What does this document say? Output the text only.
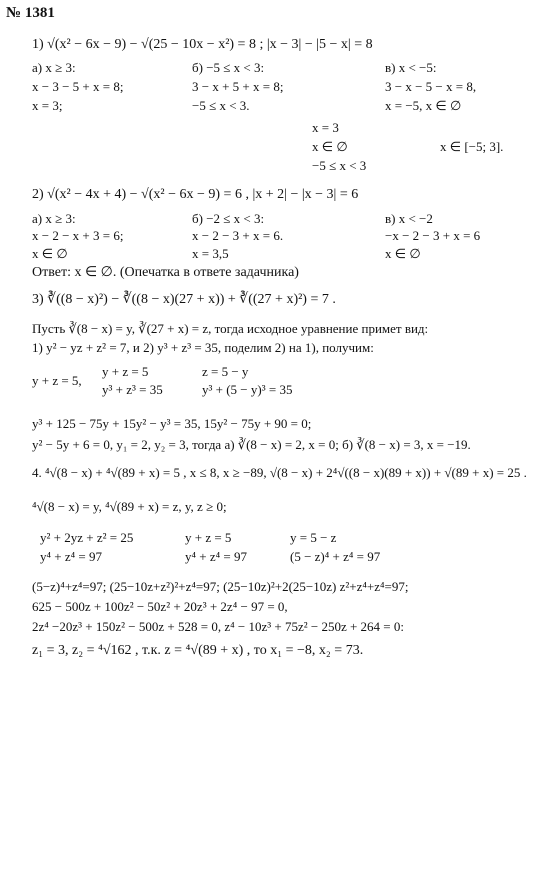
№ 1381
1) √(x² − 6x − 9) − √(25 − 10x − x²) = 8 ; |x − 3| − |5 − x| = 8
а) x ≥ 3:	б) −5 ≤ x < 3:	в) x < −5:
x − 3 − 5 + x = 8;	3 − x + 5 + x = 8;	3 − x − 5 − x = 8,
x = 3;	−5 ≤ x < 3.	x = −5, x ∈ ∅
x = 3
x ∈ ∅	x ∈ [−5; 3].
−5 ≤ x < 3
2) √(x² − 4x + 4) − √(x² − 6x − 9) = 6 , |x + 2| − |x − 3| = 6
а) x ≥ 3:	б) −2 ≤ x < 3:	в) x < −2
x − 2 − x + 3 = 6;	x − 2 − 3 + x = 6.	−x − 2 − 3 + x = 6
x ∈ ∅	x = 3,5	x ∈ ∅
Ответ: x ∈ ∅. (Опечатка в ответе задачника)
3) ∛((8 − x)²) − ∛((8 − x)(27 + x)) + ∛((27 + x)²) = 7 .
Пусть ∛(8 − x) = y, ∛(27 + x) = z, тогда исходное уравнение примет вид:
1) y² − yz + z² = 7, и 2) y³ + z³ = 35, поделим 2) на 1), получим:
y + z = 5,
y + z = 5
y³ + z³ = 35
z = 5 − y
y³ + (5 − y)³ = 35
y³ + 125 − 75y + 15y² − y³ = 35, 15y² − 75y + 90 = 0;
y² − 5y + 6 = 0, y₁ = 2, y₂ = 3, тогда а) ∛(8 − x) = 2, x = 0; б) ∛(8 − x) = 3, x = −19.
4. ⁴√(8 − x) + ⁴√(89 + x) = 5 , x ≤ 8, x ≥ −89, √(8 − x) + 2⁴√((8 − x)(89 + x)) + √(89 + x) = 25 .
⁴√(8 − x) = y, ⁴√(89 + x) = z, y, z ≥ 0;
y² + 2yz + z² = 25
y⁴ + z⁴ = 97
y + z = 5
y⁴ + z⁴ = 97
y = 5 − z
(5 − z)⁴ + z⁴ = 97
(5−z)⁴+z⁴=97; (25−10z+z²)²+z⁴=97; (25−10z)²+2(25−10z) z²+z⁴+z⁴=97;
625 − 500z + 100z² − 50z² + 20z³ + 2z⁴ − 97 = 0,
2z⁴ −20z³ + 150z² − 500z + 528 = 0, z⁴ − 10z³ + 75z² − 250z + 264 = 0:
z₁ = 3, z₂ = ⁴√162 , т.к. z = ⁴√(89 + x) , то x₁ = −8, x₂ = 73.
